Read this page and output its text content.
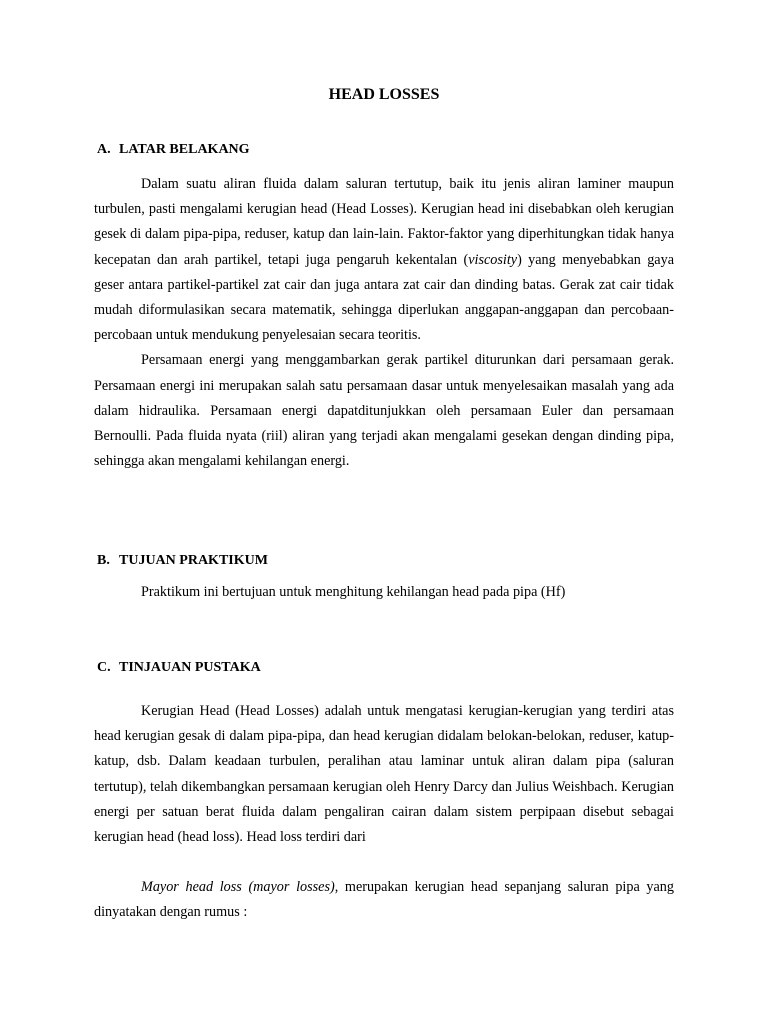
HEAD LOSSES
A. LATAR BELAKANG

Dalam suatu aliran fluida dalam saluran tertutup, baik itu jenis aliran laminer maupun turbulen, pasti mengalami kerugian head (Head Losses). Kerugian head ini disebabkan oleh kerugian gesek di dalam pipa-pipa, reduser, katup dan lain-lain. Faktor-faktor yang diperhitungkan tidak hanya kecepatan dan arah partikel, tetapi juga pengaruh kekentalan (viscosity) yang menyebabkan gaya geser antara partikel-partikel zat cair dan juga antara zat cair dan dinding batas. Gerak zat cair tidak mudah diformulasikan secara matematik, sehingga diperlukan anggapan-anggapan dan percobaan-percobaan untuk mendukung penyelesaian secara teoritis.

Persamaan energi yang menggambarkan gerak partikel diturunkan dari persamaan gerak. Persamaan energi ini merupakan salah satu persamaan dasar untuk menyelesaikan masalah yang ada dalam hidraulika. Persamaan energi dapatditunjukkan oleh persamaan Euler dan persamaan Bernoulli. Pada fluida nyata (riil) aliran yang terjadi akan mengalami gesekan dengan dinding pipa, sehingga akan mengalami kehilangan energi.

B. TUJUAN PRAKTIKUM
Praktikum ini bertujuan untuk menghitung kehilangan head pada pipa (Hf)
C. TINJAUAN PUSTAKA

Kerugian Head (Head Losses) adalah untuk mengatasi kerugian-kerugian yang terdiri atas head kerugian gesak di dalam pipa-pipa, dan head kerugian didalam belokan-belokan, reduser, katup-katup, dsb. Dalam keadaan turbulen, peralihan atau laminar untuk aliran dalam pipa (saluran tertutup), telah dikembangkan persamaan kerugian oleh Henry Darcy dan Julius Weishbach. Kerugian energi per satuan berat fluida dalam pengaliran cairan dalam sistem perpipaan disebut sebagai kerugian head (head loss). Head loss terdiri dari

Mayor head loss (mayor losses), merupakan kerugian head sepanjang saluran pipa yang dinyatakan dengan rumus :
